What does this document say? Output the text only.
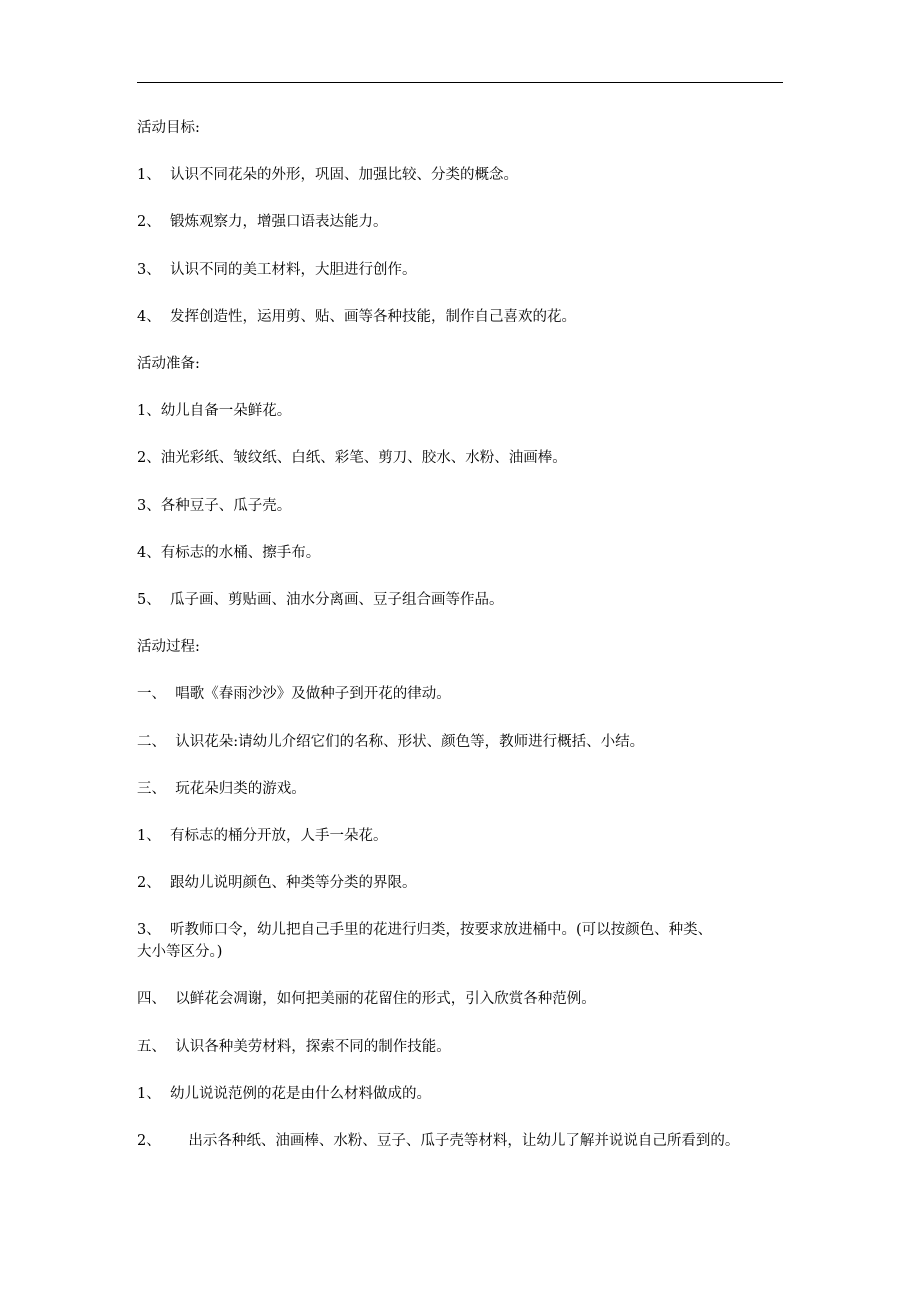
活动目标:
1、  认识不同花朵的外形，巩固、加强比较、分类的概念。
2、  锻炼观察力，增强口语表达能力。
3、  认识不同的美工材料，大胆进行创作。
4、  发挥创造性，运用剪、贴、画等各种技能，制作自己喜欢的花。
活动准备:
1、幼儿自备一朵鲜花。
2、油光彩纸、皱纹纸、白纸、彩笔、剪刀、胶水、水粉、油画棒。
3、各种豆子、瓜子壳。
4、有标志的水桶、擦手布。
5、  瓜子画、剪贴画、油水分离画、豆子组合画等作品。
活动过程:
一、  唱歌《春雨沙沙》及做种子到开花的律动。
二、  认识花朵:请幼儿介绍它们的名称、形状、颜色等，教师进行概括、小结。
三、  玩花朵归类的游戏。
1、  有标志的桶分开放，人手一朵花。
2、  跟幼儿说明颜色、种类等分类的界限。
3、  听教师口令，幼儿把自己手里的花进行归类，按要求放进桶中。(可以按颜色、种类、
大小等区分。)
四、  以鲜花会凋谢，如何把美丽的花留住的形式，引入欣赏各种范例。
五、  认识各种美劳材料，探索不同的制作技能。
1、  幼儿说说范例的花是由什么材料做成的。
2、      出示各种纸、油画棒、水粉、豆子、瓜子壳等材料，让幼儿了解并说说自己所看到的。
